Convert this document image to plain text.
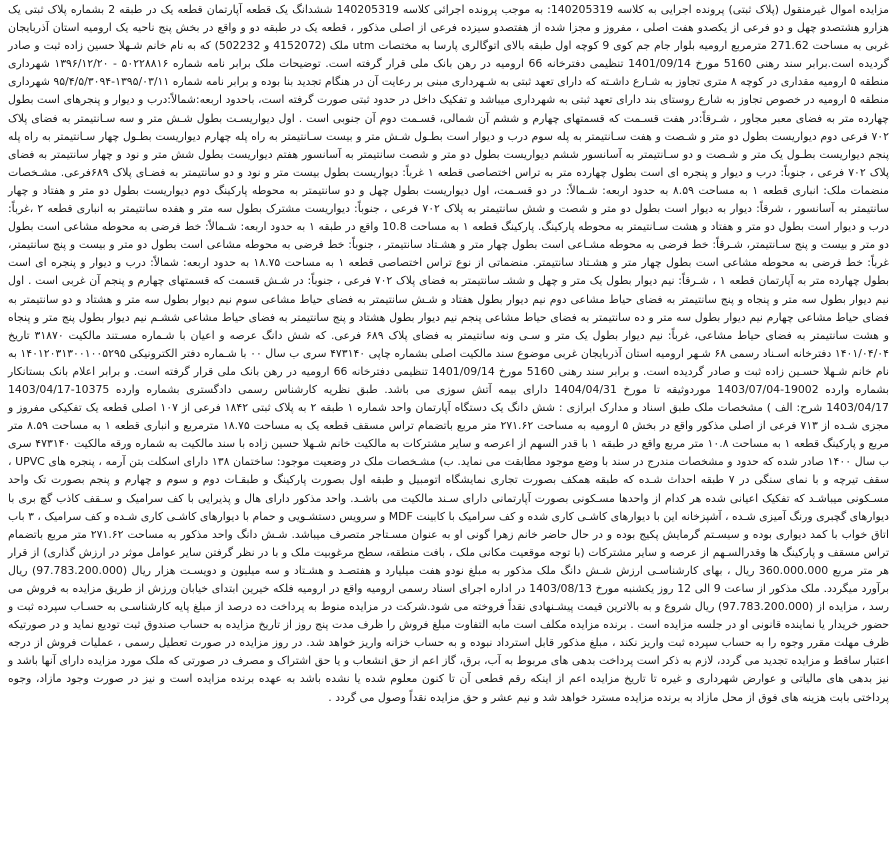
مزایده اموال غیرمنقول (پلاک ثبتی) پرونده اجرایی به کلاسه 140205319: به موجب پرونده اجرائی کلاسه 140205319 ششدانگ یک قطعه آپارتمان قطعه یک در طبقه 2 بشماره پلاک ثبتی یک هزارو هشتصدو چهل و دو فرعی از یکصدو هفت اصلی ، مفروز و مجزا شده از هفتصدو سیزده فرعی از اصلی مذکور ، قطعه یک در طبقه دو و واقع در بخش پنج ناحیه یک ارومیه استان آذربایجان غربی به مساحت 271.62 مترمربع ارومیه بلوار جام جم کوی 9 کوچه اول طبقه بالای اتوگالری پارسا به مختصات utm ملک (4152072 و 502232) که به نام خانم شـهلا حسین زاده ثبت و صادر گردیده است.برابر سند رهنی 5160 مورخ 1401/09/14 تنظیمی دفترخانه 66 ارومیه در رهن بانک ملی قرار گرفته است. توضیحات ملک برابر نامه شماره ۵۰۲۲۸۸۱۶ - ۱۳۹۶/۱۲/۲۰ شهرداری منطقه ۵ ارومیه مقداری در کوچه ۸ متری تجاوز به شـارع داشـته که دارای تعهد ثبتی به شـهرداری مبنی بر رعایت آن در هنگام تجدید بنا بوده و برابر نامه شماره ۱۳۹۵/۰۳/۱۱-۹۵/۴/۵/۳۰۹۴ شهرداری منطقه ۵ ارومیه در خصوص تجاوز به شارع روستای بند دارای تعهد ثبتی به شهرداری میباشد و تفکیک داخل در حدود ثبتی صورت گرفته است، باحدود اربعه:شمالاً:درب و دیوار و پنجرهای است بطول چهارده متر به فضای معبر مجاور ، شـرقاً:در هفت قسـمت که قسمتهای چهارم و ششم آن شمالی، قسـمت دوم آن جنوبی است . اول دیواریسـت بطول شـش متر و سه سـانتیمتر به فضای پلاک ۷۰۲ فرعی دوم دیواریست بطول دو متر و شـصت و هفت سـانتیمتر به پله سوم درب و دیوار است بطـول شـش متر و بیست سـانتیمتر به راه پله چهارم دیواریست بطـول چهار سـانتیمتر به راه پله پنجم دیواریست بطـول یک متر و شـصت و دو سـانتیمتر به آسانسور ششم دیواریست بطول دو متر و شصت سانتیمتر به آسانسور هفتم دیواریست بطول شش متر و نود و چهار سانتیمتر به فضای پلاک ۷۰۲ فرعی ، جنوباً: درب و دیوار و پنجره ای است بطول چهارده متر به تراس اختصاصی قطعه ۱ غرباً: دیواریست بطول بیست متر و نود و دو سانتیمتر به فضـای پلاک ۶۸۹فرعی. مشـخصات منضمات ملک: انباری قطعه ۱ به مساحت ۸.۵۹ به حدود اربعه: شـمالاً: در دو قسـمت، اول دیواریست بطول چهل و دو سانتیمتر به محوطه پارکینگ دوم دیواریست بطول دو متر و هفتاد و چهار سانتیمتر به آسانسور ، شرقاً: دیوار به دیوار است بطول دو متر و شصت و شش سانتیمتر به پلاک ۷۰۲ فرعی ، جنوباً: دیواریست مشترک بطول سه متر و هفده سانتیمتر به انباری قطعه ۲ ،غرباً: درب و دیوار است بطول دو متر و هفتاد و هشت سـانتیمتر به محوطه پارکینگ. پارکینگ قطعه ۱ به مساحت 10.8 واقع در طبقه ۱ به حدود اربعه: شـمالاً: خط فرضی به محوطه مشاعی است بطول دو متر و بیست و پنج سـانتیمتر، شـرقاً: خط فرضی به محوطه مشـاعی است بطول چهار متر و هشـتاد سانتیمتر ، جنوباً: خط فرضی به محوطه مشاعی است بطول دو متر و بیست و پنج سانتیمتر، غرباً: خط فرضی به محوطه مشاعی است بطول چهار متر و هشـتاد سانتیمتر. منضماتی از نوع تراس اختصاصی قطعه ۱ به مساحت ۱۸.۷۵ به حدود اربعه: شمالاً: درب و دیوار و پنجره ای است بطول چهارده متر به آپارتمان قطعه ۱ ، شـرقاً: نیم دیوار بطول یک متر و چهل و ششـ سانتیمتر به فضای پلاک ۷۰۲ فرعی ، جنوباً: در شـش قسمت که قسمتهای چهارم و پنجم آن غربی است . اول نیم دیوار بطول سه متر و پنجاه و پنج سانتیمتر به فضای حیاط مشاعی دوم نیم دیوار بطول هفتاد و شـش سانتیمتر به فضای حیاط مشاعی سوم نیم دیوار بطول سه متر و هشتاد و دو سانتیمتر به فضای حیاط مشاعی چهارم نیم دیوار بطول سه متر و ده سانتیمتر به فضای حیاط مشاعی پنجم نیم دیوار بطول هشتاد و پنج سانتیمتر به فضای حیاط مشاعی ششـم نیم دیوار بطول پنج متر و پنجاه و هشت سانتیمتر به فضای حیاط مشاعی، غرباً: نیم دیوار بطول یک متر و سـی ونه سانتیمتر به فضای پلاک ۶۸۹ فرعی. که شش دانگ عرصه و اعیان با شـماره مسـتند مالکیت ۳۱۸۷۰ تاریخ ۱۴۰۱/۰۴/۰۴ دفترخانه اسـناد رسمی ۶۸ شـهر ارومیه استان آذربایجان غربی موضوع سند مالکیت اصلی بشماره چاپی ۴۷۳۱۴۰ سری ب سال ۰۰ با شـماره دفتر الکترونیکی ۱۴۰۱۲۰۳۱۳۰۰۱۰۰۵۲۹۵ به نام خانم شـهلا حسـین زاده ثبت و صادر گردیده است. و برابر سند رهنی 5160 مورخ 1401/09/14 تنظیمی دفترخانه 66 ارومیه در رهن بانک ملی قرار گرفته است. و برابر اعلام بانک بستانکار بشماره وارده 19002-1403/07/04 موردوثیقه تا مورخ 1404/04/31 دارای بیمه آتش سوزی می باشد. طبق نظریه کارشناس رسمی دادگستری بشماره وارده 10375-1403/04/17 1403/04/17 شرح: الف ) مشخصات ملک طبق اسناد و مدارک ابرازی : شش دانگ یک دستگاه آپارتمان واحد شماره ۱ طبقه ۲ به پلاک ثبتی ۱۸۴۲ فرعی از ۱۰۷ اصلی قطعه یک تفکیکی مفروز و مجزی شـده از ۷۱۳ فرعی از اصلی مذکور واقع در بخش ۵ ارومیه به مساحت ۲۷۱.۶۲ متر مربع باتضمام تراس مسقف قطعه یک به مساحت ۱۸.۷۵ مترمربع و انباری قطعه ۱ به مساحت ۸.۵۹ متر مربع و پارکینگ قطعه ۱ به مساحت ۱۰.۸ متر مربع واقع در طبقه ۱ با قدر السهم از اعرصه و سایر مشترکات به مالکیت خانم شـهلا حسین زاده با سند مالکیت به شماره ورقه مالکیت ۴۷۳۱۴۰ سری ب سال ۱۴۰۰ صادر شده که حدود و مشخصات مندرج در سند با وضع موجود مطابقت می نماید. ب) مشـخصات ملک در وضعیت موجود: ساختمان ۱۳۸ دارای اسکلت بتن آرمه ، پنجره های UPVC ، سقف تیرچه و با نمای سنگی در ۷ طبقه احداث شـده که طبقه همکف بصورت تجاری نمایشگاه اتومبیل و طبقه اول بصورت پارکینگ و طبقـات دوم و سوم و چهارم و پنجم بصورت تک واحد مسـکونی میباشـد که تفکیک اعیانی شده هر کدام از واحدها مسـکونی بصورت آپارتمانی دارای سـند مالکیت می باشـد. واحد مذکور دارای هال و پذیرایی با کف سرامیک و سـقف کاذب گچ بری با دیوارهای گچبری ورنگ آمیزی شـده ، آشپزخانه این با دیوارهای کاشـی کاری شده و کف سرامیک با کابینت MDF و سرویس دستشـویی و حمام با دیوارهای کاشـی کاری شـده و کف سرامیک ، ۳ باب اتاق خواب با کمد دیواری بوده و سیسـتم گرمایش پکیج بوده و در حال حاضر خانم زهرا گونی او به عنوان مسـتاجر متصرف میباشد. شـش دانگ واحد مذکور به مساحت ۲۷۱.۶۲ متر مربع باتضمام تراس مسقف و پارکینگ ها وقدرالسـهم از عرصه و سایر مشترکات (با توجه موقعیت مکانی ملک ، بافت منطقه، سطح مرغوبیت ملک و با در نظر گرفتن سایر عوامل موثر در ارزش گذاری) از قرار هر متر مربع 360.000.000 ریال ، بهای کارشناسـی ارزش شـش دانگ ملک مذکور به مبلغ نودو هفت میلیارد و هفتصـد و هشـتاد و سه میلیون و دویسـت هزار ریال (97.783.200.000) ریال برآورد میگردد. ملک مذکور از ساعت 9 الی 12 روز یکشنبه مورخ 1403/08/13 در اداره اجرای اسناد رسمی ارومیه واقع در ارومیه فلکه خیرین ابتدای خیابان ورزش از طریق مزایده به فروش می رسد ، مزایده از (97.783.200.000) ریال شروع و به بالاترین قیمت پیشـنهادی نقداً فروخته می شود.شرکت در مزایده منوط به پرداخت ده درصد از مبلغ پایه کارشناسـی به حسـاب سپرده ثبت و حضور خریدار یا نماینده قانونی او در جلسه مزایده است . برنده مزایده مکلف است مابه التفاوت مبلغ فروش را ظرف مدت پنج روز از تاریخ مزایده به حساب صندوق ثبت تودیع نماید و در صورتیکه ظرف مهلت مقرر وجوه را به حساب سپرده ثبت واریز نکند ، مبلغ مذکور قابل استرداد نبوده و به حساب خزانه واریز خواهد شد. در روز مزایده در صورت تعطیل رسمی ، عملیات فروش از درجه اعتبار ساقط و مزایده تجدید می گردد، لازم به ذکر است پرداخت بدهی های مربوط به آب، برق، گاز اعم از حق انشعاب و یا حق اشتراک و مصرف در صورتی که ملک مورد مزایده دارای آنها باشد و نیز بدهی های مالیاتی و عوارض شهرداری و غیره تا تاریخ مزایده اعم از اینکه رقم قطعی آن تا کنون معلوم شده یا نشده باشد به عهده برنده مزایده است و نیز در صورت وجود مازاد، وجوه پرداختی بابت هزینه های فوق از محل مازاد به برنده مزایده مسترد خواهد شد و نیم عشر و حق مزایده نقداً وصول می گردد .
